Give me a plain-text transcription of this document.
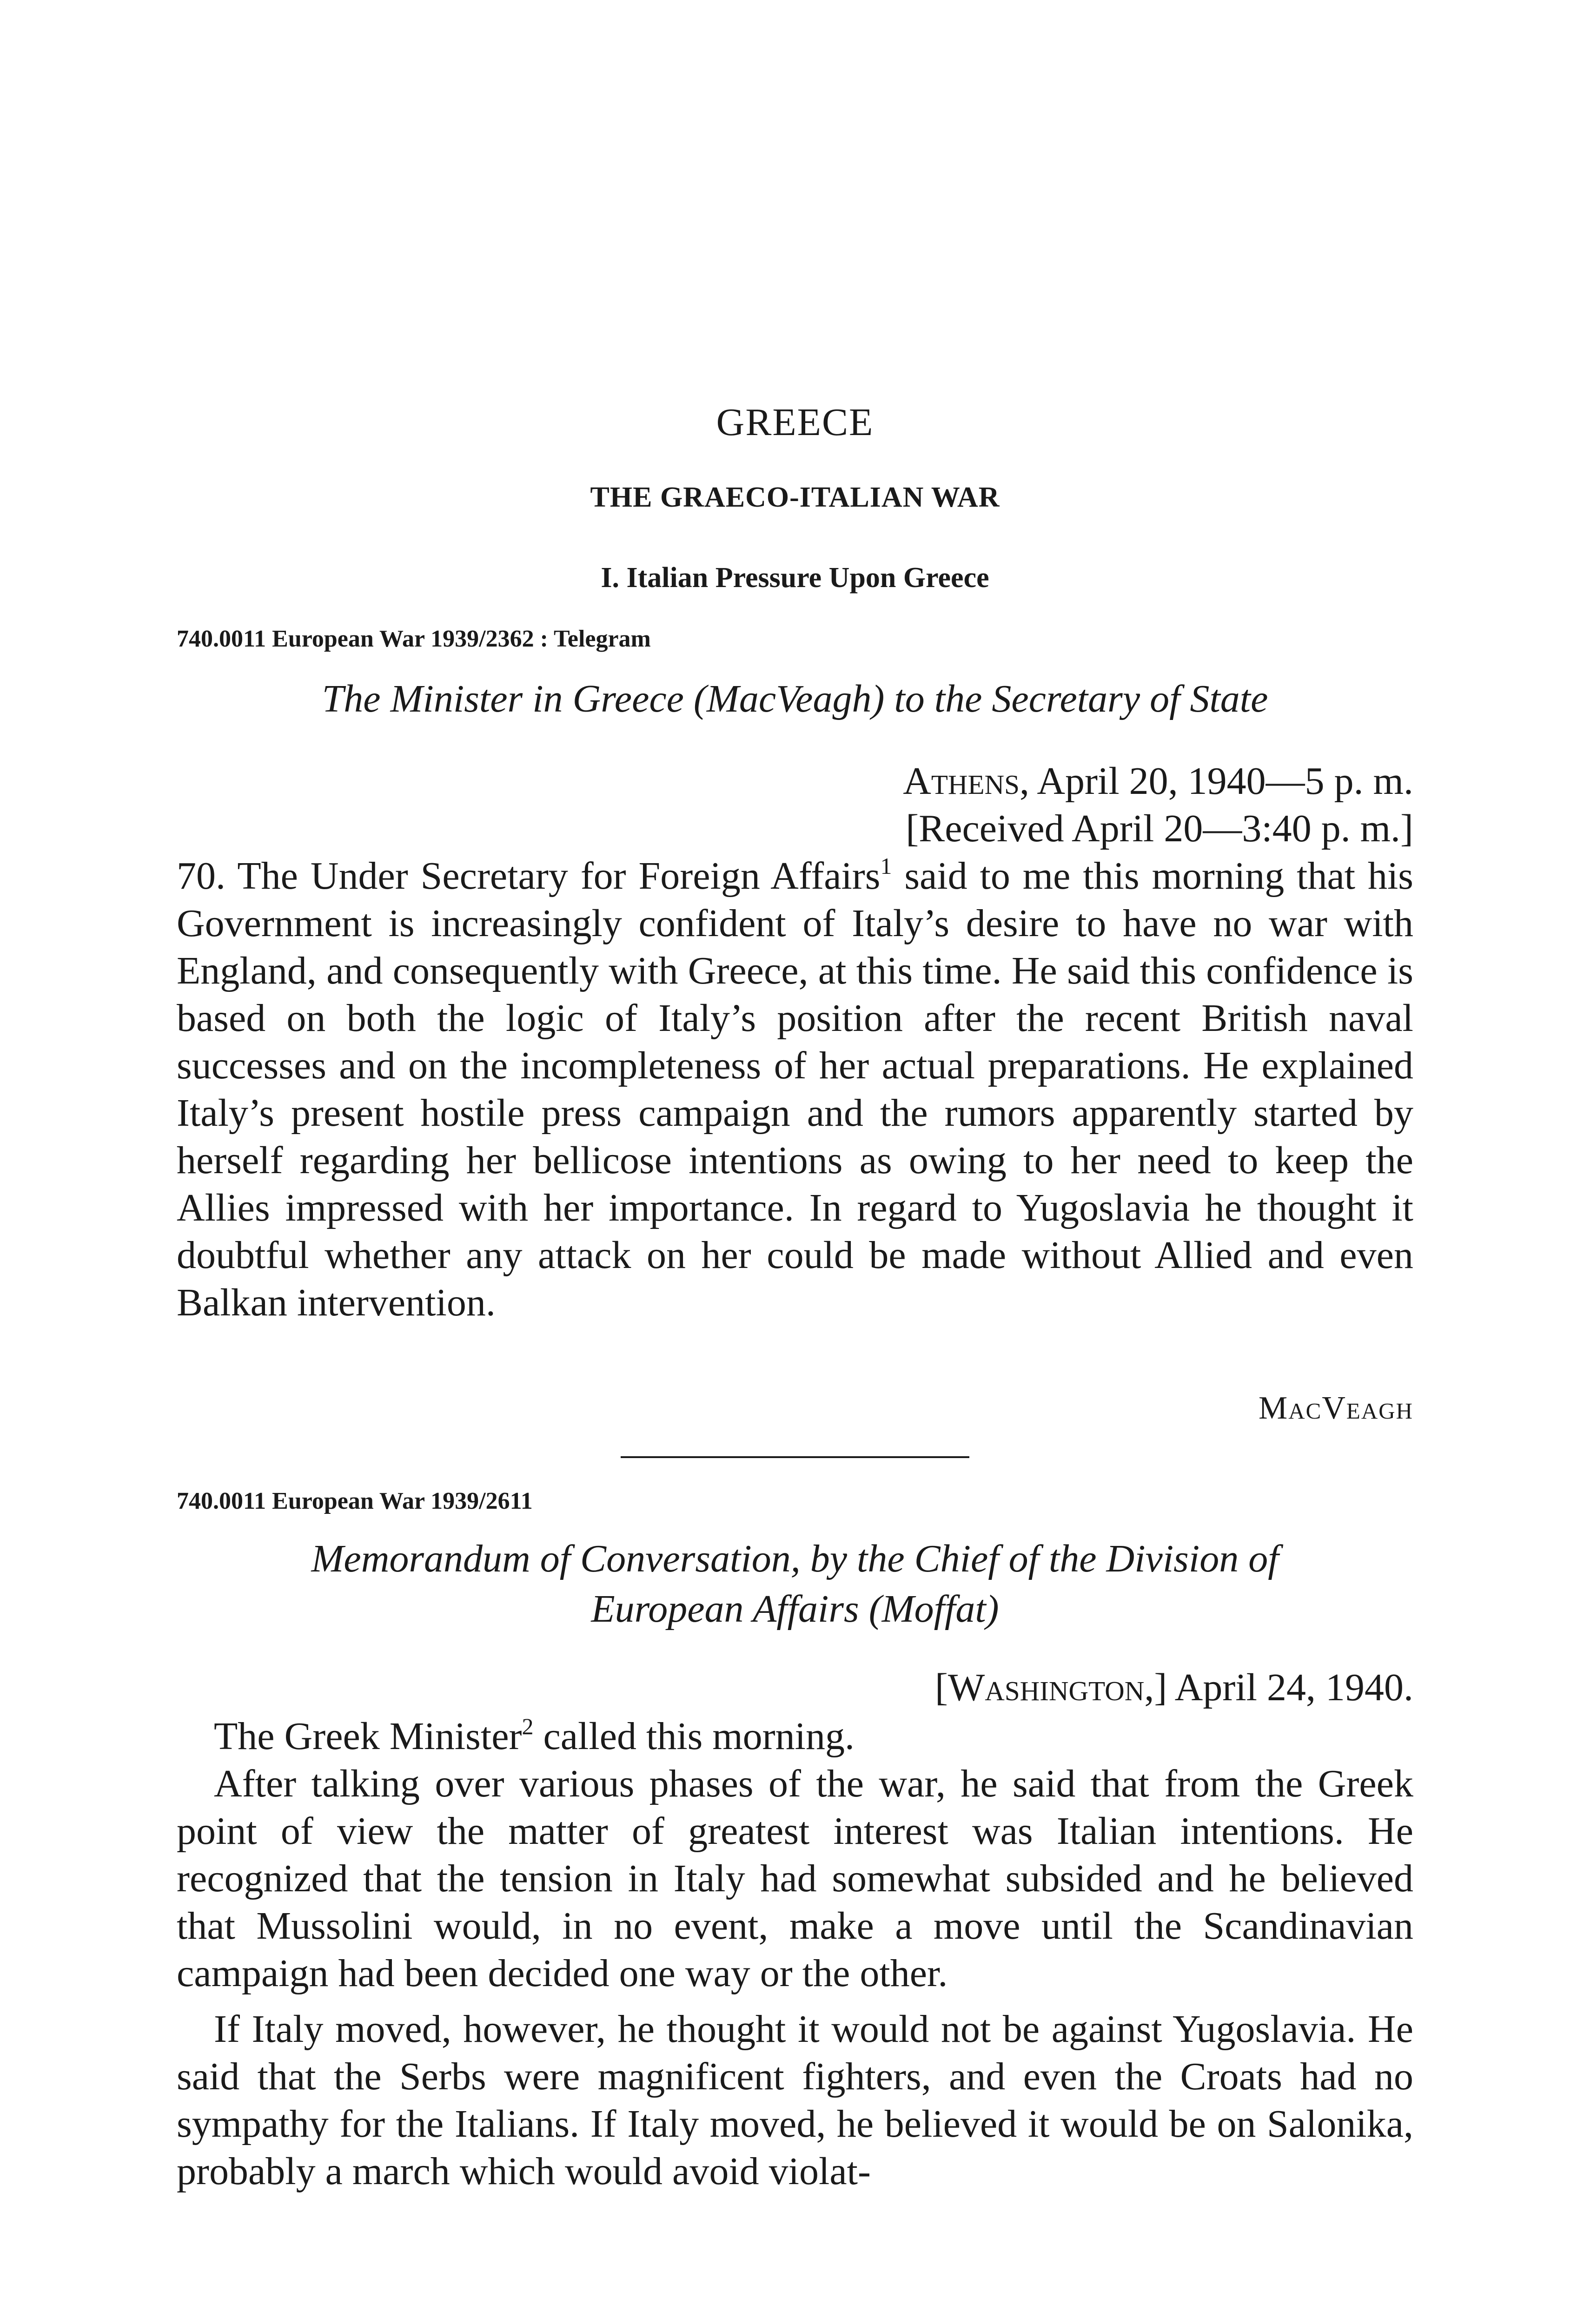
GREECE
THE GRAECO-ITALIAN WAR
I. Italian Pressure Upon Greece
740.0011 European War 1939/2362 : Telegram
The Minister in Greece (MacVeagh) to the Secretary of State
Athens, April 20, 1940—5 p. m.
[Received April 20—3:40 p. m.]

70. The Under Secretary for Foreign Affairs$^1$ said to me this morning that his Government is increasingly confident of Italy’s desire to have no war with England, and consequently with Greece, at this time. He said this confidence is based on both the logic of Italy’s position after the recent British naval successes and on the incompleteness of her actual preparations. He explained Italy’s present hostile press campaign and the rumors apparently started by herself regarding her bellicose intentions as owing to her need to keep the Allies impressed with her importance. In regard to Yugoslavia he thought it doubtful whether any attack on her could be made without Allied and even Balkan intervention.

MacVeagh
740.0011 European War 1939/2611
Memorandum of Conversation, by the Chief of the Division of
European Affairs (Moffat)
[Washington,] April 24, 1940.

The Greek Minister$^2$ called this morning.

After talking over various phases of the war, he said that from the Greek point of view the matter of greatest interest was Italian intentions. He recognized that the tension in Italy had somewhat subsided and he believed that Mussolini would, in no event, make a move until the Scandinavian campaign had been decided one way or the other.

If Italy moved, however, he thought it would not be against Yugoslavia. He said that the Serbs were magnificent fighters, and even the Croats had no sympathy for the Italians. If Italy moved, he believed it would be on Salonika, probably a march which would avoid violat-
